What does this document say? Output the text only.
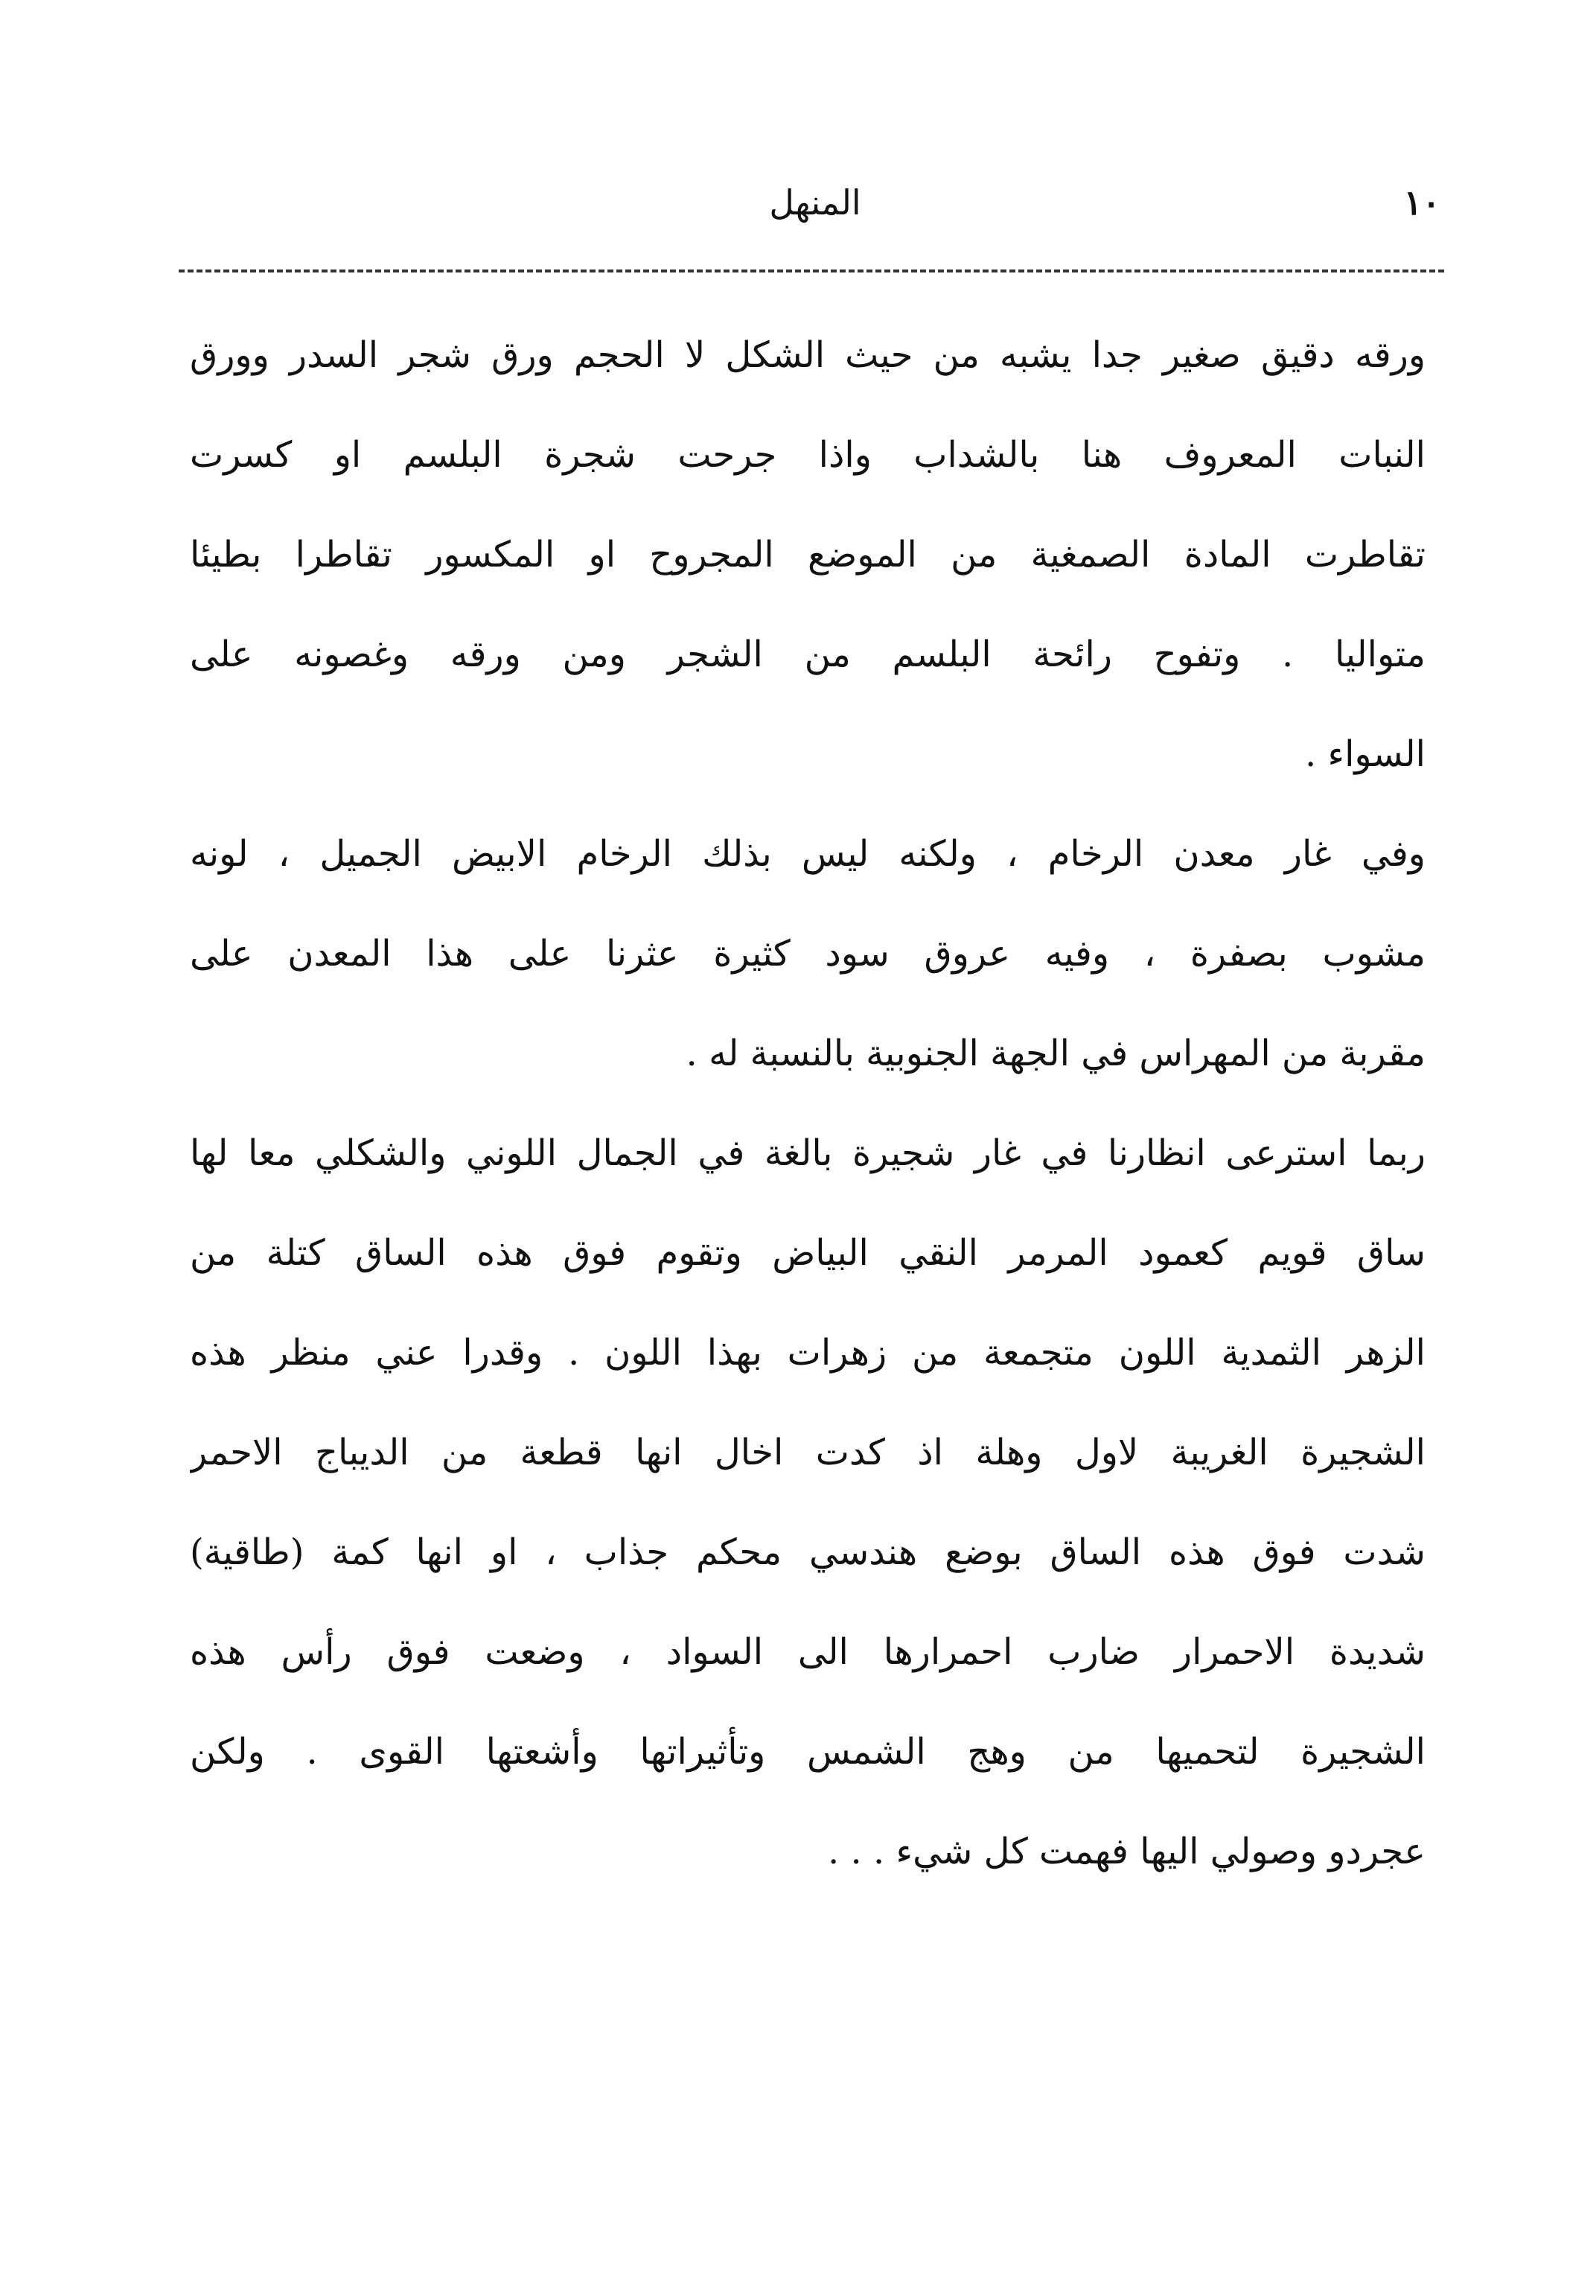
١٠
المنهل
ورقه دقيق صغير جدا يشبه من حيث الشكل لا الحجم ورق شجر السدر وورق
النبات المعروف هنا بالشداب واذا جرحت شجرة البلسم او كسرت
تقاطرت المادة الصمغية من الموضع المجروح او المكسور تقاطرا بطيئا
متواليا . وتفوح رائحة البلسم من الشجر ومن ورقه وغصونه على
السواء .
وفي غار معدن الرخام ، ولكنه ليس بذلك الرخام الابيض الجميل ، لونه
مشوب بصفرة ، وفيه عروق سود كثيرة عثرنا على هذا المعدن على
مقربة من المهراس في الجهة الجنوبية بالنسبة له .
ربما استرعى انظارنا في غار شجيرة بالغة في الجمال اللوني والشكلي معا لها
ساق قويم كعمود المرمر النقي البياض وتقوم فوق هذه الساق كتلة من
الزهر الثمدية اللون متجمعة من زهرات بهذا اللون . وقدرا عني منظر هذه
الشجيرة الغريبة لاول وهلة اذ كدت اخال انها قطعة من الديباج الاحمر
شدت فوق هذه الساق بوضع هندسي محكم جذاب ، او انها كمة (طاقية)
شديدة الاحمرار ضارب احمرارها الى السواد ، وضعت فوق رأس هذه
الشجيرة لتحميها من وهج الشمس وتأثيراتها وأشعتها القوى . ولكن
عجردو وصولي اليها فهمت كل شيء . . .
